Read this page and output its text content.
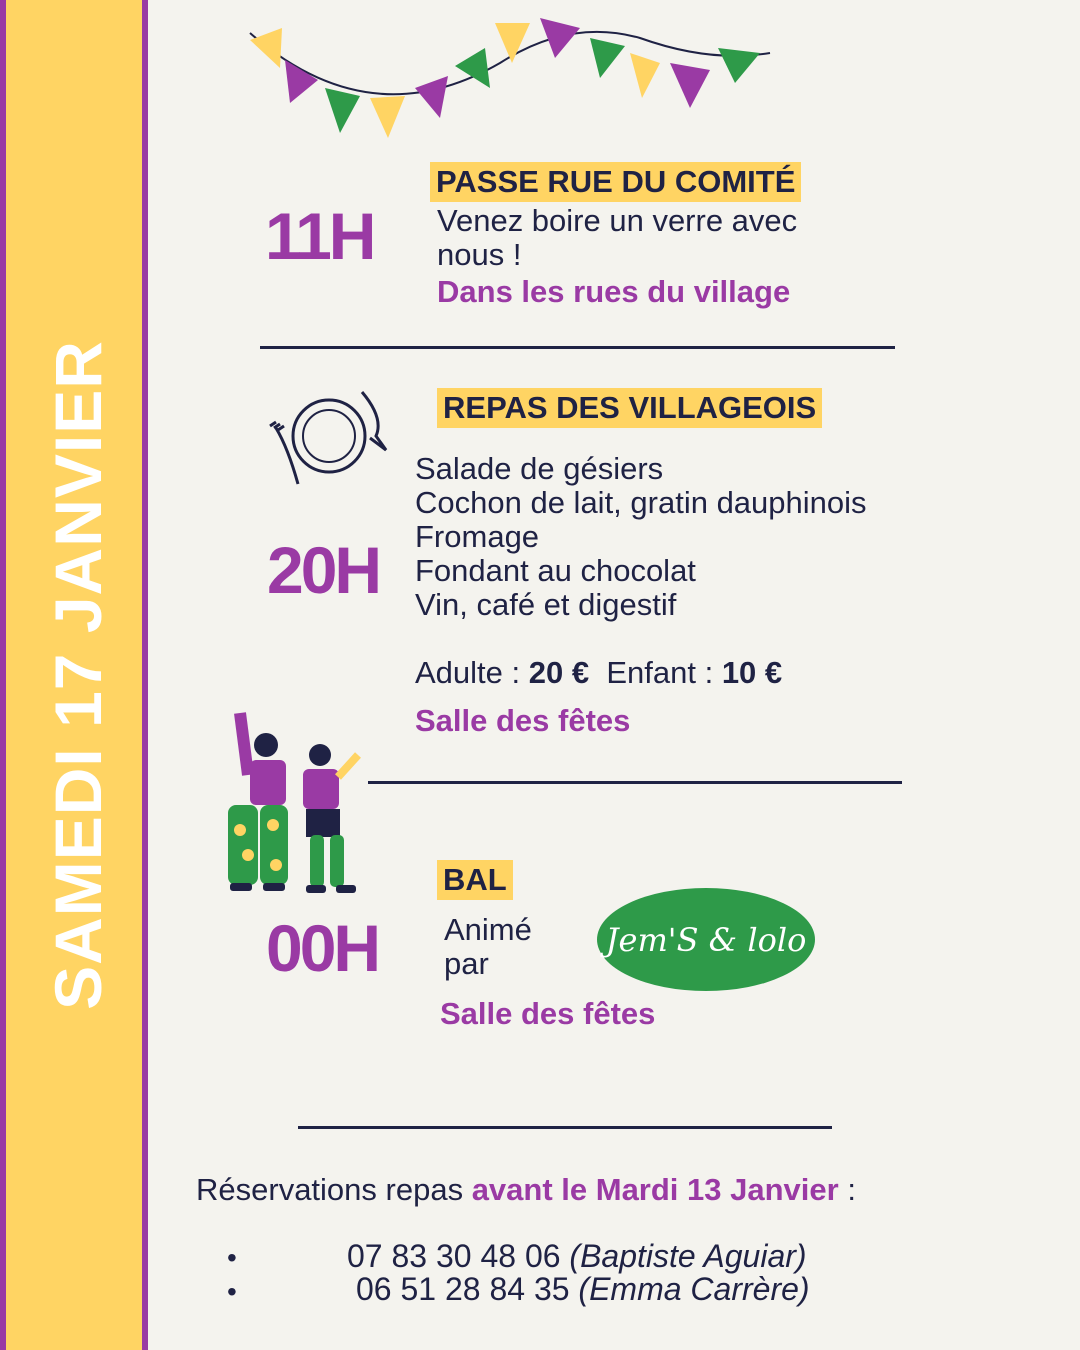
SAMEDI 17 JANVIER
11H
PASSE RUE DU COMITÉ
Venez boire un verre avec
nous !
Dans les rues du village
REPAS DES VILLAGEOIS
20H
Salade de gésiers
Cochon de lait, gratin dauphinois
Fromage
Fondant au chocolat
Vin, café et digestif
Adulte : 20 € Enfant : 10 €
Salle des fêtes
BAL
00H Animé
par
Jem'S & lolo
Salle des fêtes
Réservations repas avant le Mardi 13 Janvier :
•	07 83 30 48 06 (Baptiste Aguiar)
•	06 51 28 84 35 (Emma Carrère)
